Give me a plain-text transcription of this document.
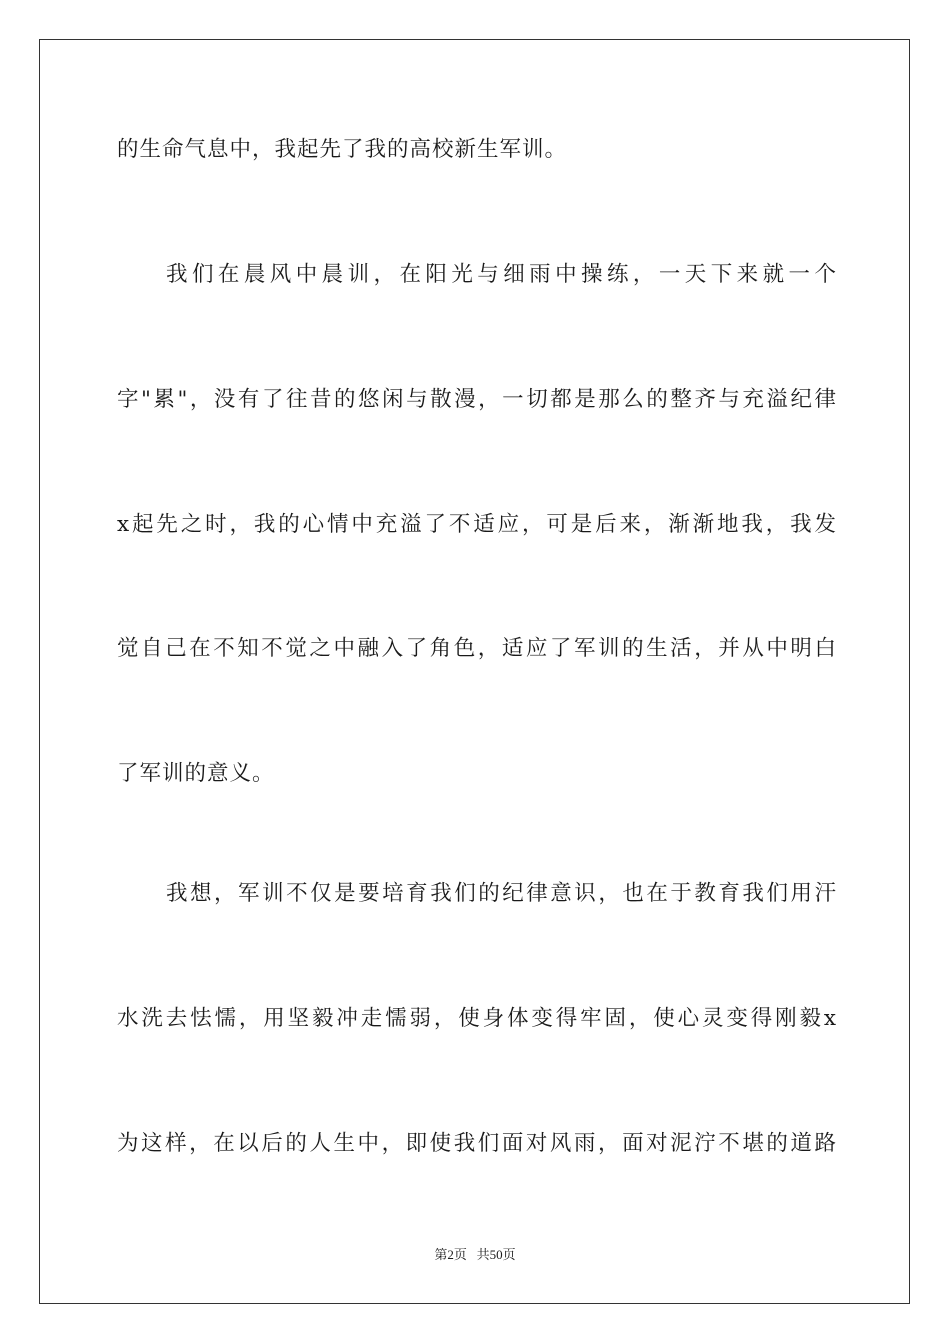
的生命气息中，我起先了我的高校新生军训。
我们在晨风中晨训，在阳光与细雨中操练，一天下来就一个
字"累"，没有了往昔的悠闲与散漫，一切都是那么的整齐与充溢纪律
x起先之时，我的心情中充溢了不适应，可是后来，渐渐地我，我发
觉自己在不知不觉之中融入了角色，适应了军训的生活，并从中明白
了军训的意义。
我想，军训不仅是要培育我们的纪律意识，也在于教育我们用汗
水洗去怯懦，用坚毅冲走懦弱，使身体变得牢固，使心灵变得刚毅x
为这样，在以后的人生中，即使我们面对风雨，面对泥泞不堪的道路
第2页 共50页
